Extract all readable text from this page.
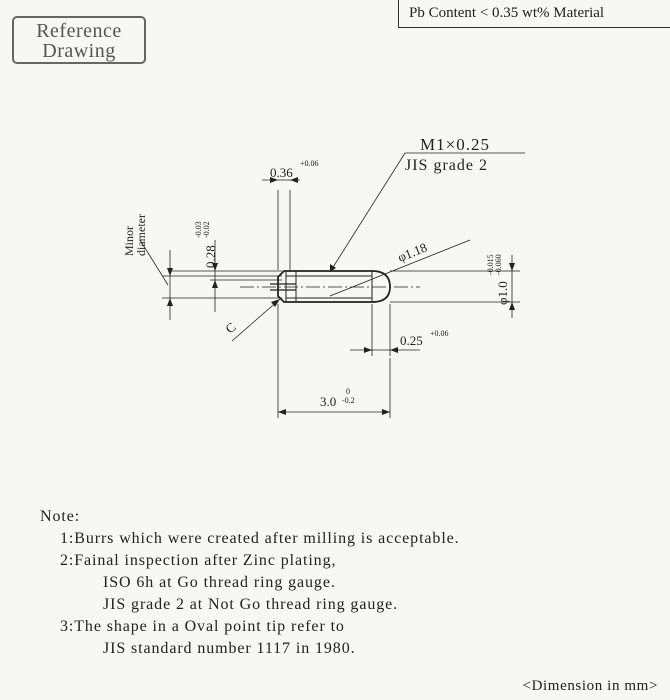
Reference
Drawing
Pb Content < 0.35 wt% Material
M1×0.25
JIS grade 2
0.36
+0.06
0.28
-0.03 -0.02
Minor
diameter	φ1.18
φ1.0
-0.015 -0.060
C
0.25 +0.06
3.0
0
-0.2
Note:
1:Burrs which were created after milling is acceptable.
2:Fainal inspection after Zinc plating,
ISO 6h at Go thread ring gauge.
JIS grade 2 at Not Go thread ring gauge.
3:The shape in a Oval point tip refer to
JIS standard number 1117 in 1980.
<Dimension in mm>
